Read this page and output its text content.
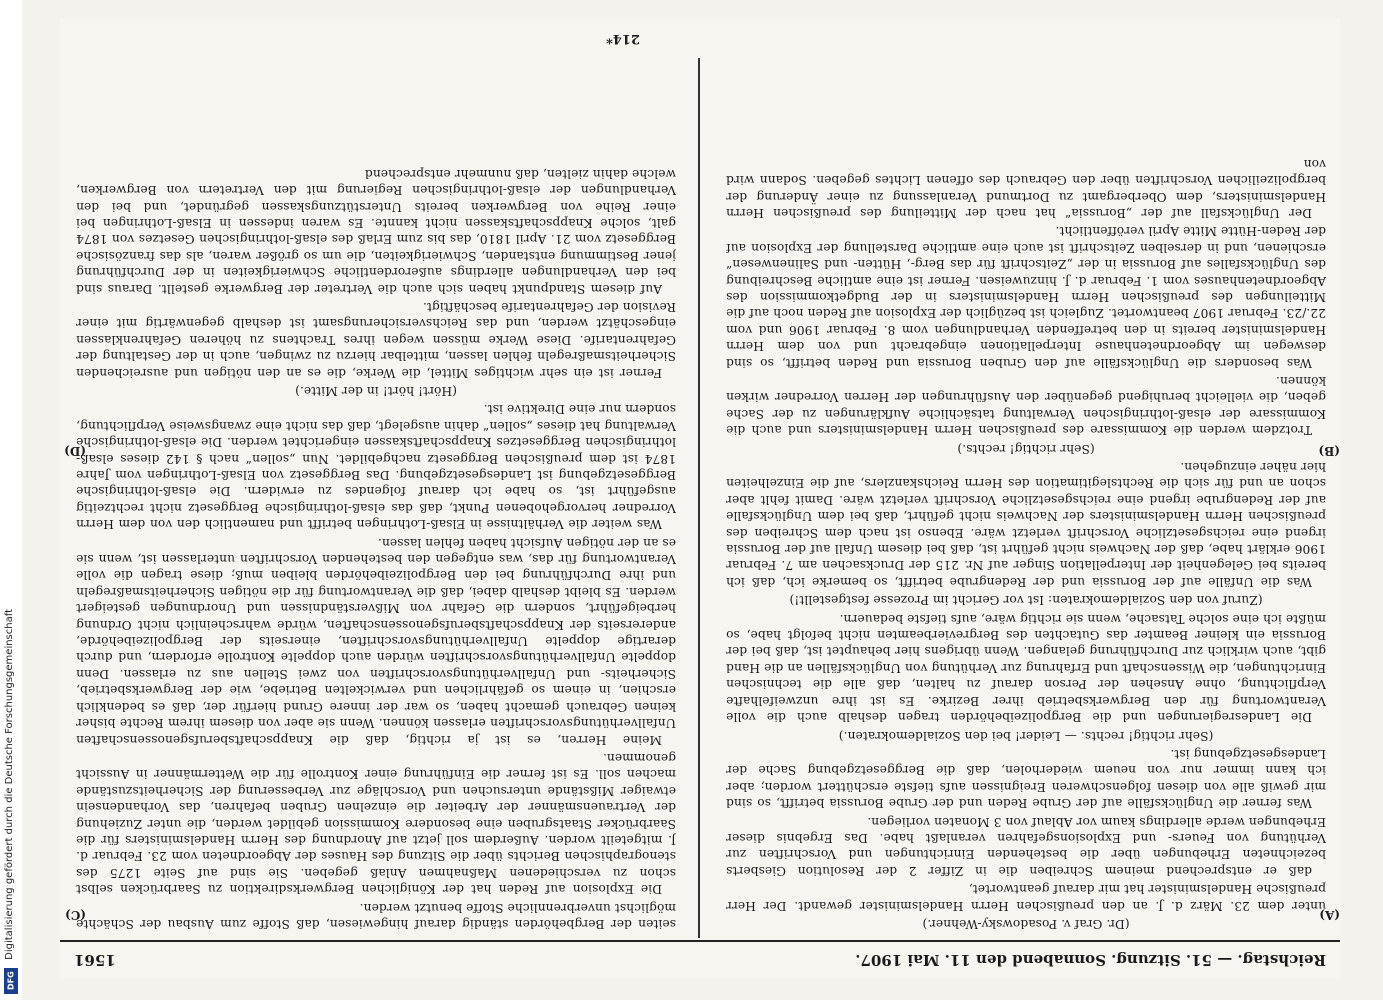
Digitalisierung gefördert durch die Deutsche Forschungsgemeinschaft
DFG
Reichstag. — 51. Sitzung. Sonnabend den 11. Mai 1907.
1561
(A)
(B)
(C)
(D)

(Dr. Graf v. Posadowsky-Wehner.)

unter dem 23. März d. J. an den preußischen Herrn Handelsminister gewandt. Der Herr preußische Handelsminister hat mir darauf geantwortet,

daß er entsprechend meinem Schreiben die in Ziffer 2 der Resolution Giesberts bezeichneten Erhebungen über die bestehenden Einrichtungen und Vorschriften zur Verhütung von Feuers- und Explosionsgefahren veranlaßt habe. Das Ergebnis dieser Erhebungen werde allerdings kaum vor Ablauf von 3 Monaten vorliegen.

Was ferner die Unglücksfälle auf der Grube Reden und der Grube Borussia betrifft, so sind mir gewiß alle von diesen folgenschweren Ereignissen aufs tiefste erschüttert worden; aber ich kann immer nur von neuem wiederholen, daß die Berggesetzgebung Sache der Landesgesetzgebung ist.

(Sehr richtig! rechts. — Leider! bei den Sozialdemokraten.)

Die Landesregierungen und die Bergpolizeibehörden tragen deshalb auch die volle Verantwortung für den Bergwerksbetrieb ihrer Bezirke. Es ist ihre unzweifelhafte Verpflichtung, ohne Ansehen der Person darauf zu halten, daß alle die technischen Einrichtungen, die Wissenschaft und Erfahrung zur Verhütung von Unglücksfällen an die Hand gibt, auch wirklich zur Durchführung gelangen. Wenn übrigens hier behauptet ist, daß bei der Borussia ein kleiner Beamter das Gutachten des Bergrevierbeamten nicht befolgt habe, so müßte ich eine solche Tatsache, wenn sie richtig wäre, aufs tiefste bedauern.

(Zuruf von den Sozialdemokraten: Ist vor Gericht im Prozesse festgestellt!)

Was die Unfälle auf der Borussia und der Redengrube betrifft, so bemerke ich, daß ich bereits bei Gelegenheit der Interpellation Singer auf Nr. 215 der Drucksachen am 7. Februar 1906 erklärt habe, daß der Nachweis nicht geführt ist, daß bei diesem Unfall auf der Borussia irgend eine reichsgesetzliche Vorschrift verletzt wäre. Ebenso ist nach dem Schreiben des preußischen Herrn Handelsministers der Nachweis nicht geführt, daß bei dem Unglücksfalle auf der Redengrube irgend eine reichsgesetzliche Vorschrift verletzt wäre. Damit fehlt aber schon an und für sich die Rechtslegitimation des Herrn Reichskanzlers, auf die Einzelheiten hier näher einzugehen.

(Sehr richtig! rechts.)

Trotzdem werden die Kommissare des preußischen Herrn Handelsministers und auch die Kommissare der elsaß-lothringischen Verwaltung tatsächliche Aufklärungen zu der Sache geben, die vielleicht beruhigend gegenüber den Ausführungen der Herren Vorredner wirken können.

Was besonders die Unglücksfälle auf den Gruben Borussia und Reden betrifft, so sind deswegen im Abgeordnetenhause Interpellationen eingebracht und von dem Herrn Handelsminister bereits in den betreffenden Verhandlungen vom 8. Februar 1906 und vom 22./23. Februar 1907 beantwortet. Zugleich ist bezüglich der Explosion auf Reden noch auf die Mitteilungen des preußischen Herrn Handelsministers in der Budgetkommission des Abgeordnetenhauses vom 1. Februar d. J. hinzuweisen. Ferner ist eine amtliche Beschreibung des Unglücksfalles auf Borussia in der „Zeitschrift für das Berg-, Hütten- und Salinenwesen“ erschienen, und in derselben Zeitschrift ist auch eine amtliche Darstellung der Explosion auf der Reden-Hütte Mitte April veröffentlicht.

Der Unglücksfall auf der „Borussia“ hat nach der Mitteilung des preußischen Herrn Handelsministers, dem Oberbergamt zu Dortmund Veranlassung zu einer Änderung der bergpolizeilichen Vorschriften über den Gebrauch des offenen Lichtes gegeben. Sodann wird von

seiten der Bergbehörden ständig darauf hingewiesen, daß Stoffe zum Ausbau der Schächte möglichst unverbrennliche Stoffe benutzt werden.

Die Explosion auf Reden hat der Königlichen Bergwerksdirektion zu Saarbrücken selbst schon zu verschiedenen Maßnahmen Anlaß gegeben. Sie sind auf Seite 1275 des stenographischen Berichts über die Sitzung des Hauses der Abgeordneten vom 23. Februar d. J. mitgeteilt worden. Außerdem soll jetzt auf Anordnung des Herrn Handelsministers für die Saarbrücker Staatsgruben eine besondere Kommission gebildet werden, die unter Zuziehung der Vertrauensmänner der Arbeiter die einzelnen Gruben befahren, das Vorhandensein etwaiger Mißstände untersuchen und Vorschläge zur Verbesserung der Sicherheitszustände machen soll. Es ist ferner die Einführung einer Kontrolle für die Wettermänner in Aussicht genommen.

Meine Herren, es ist ja richtig, daß die Knappschaftsberufsgenossenschaften Unfallverhütungsvorschriften erlassen können. Wenn sie aber von diesem ihrem Rechte bisher keinen Gebrauch gemacht haben, so war der innere Grund hierfür der, daß es bedenklich erschien, in einem so gefährlichen und verwickelten Betriebe, wie der Bergwerksbetrieb, Sicherheits- und Unfallverhütungsvorschriften von zwei Stellen aus zu erlassen. Denn doppelte Unfallverhütungsvorschriften würden auch doppelte Kontrolle erfordern, und durch derartige doppelte Unfallverhütungsvorschriften, einerseits der Bergpolizeibehörde, andererseits der Knappschaftsberufsgenossenschaften, würde wahrscheinlich nicht Ordnung herbeigeführt, sondern die Gefahr von Mißverständnissen und Unordnungen gesteigert werden. Es bleibt deshalb dabei, daß die Verantwortung für die nötigen Sicherheitsmaßregeln und ihre Durchführung bei den Bergpolizeibehörden bleiben muß; diese tragen die volle Verantwortung für das, was entgegen den bestehenden Vorschriften unterlassen ist, wenn sie es an der nötigen Aufsicht haben fehlen lassen.

Was weiter die Verhältnisse in Elsaß-Lothringen betrifft und namentlich den von dem Herrn Vorredner hervorgehobenen Punkt, daß das elsaß-lothringische Berggesetz nicht rechtzeitig ausgeführt ist, so habe ich darauf folgendes zu erwidern. Die elsaß-lothringische Berggesetzgebung ist Landesgesetzgebung. Das Berggesetz von Elsaß-Lothringen vom Jahre 1874 ist dem preußischen Berggesetz nachgebildet. Nun „sollen“ nach § 142 dieses elsaß-lothringischen Berggesetzes Knappschaftskassen eingerichtet werden. Die elsaß-lothringische Verwaltung hat dieses „sollen“ dahin ausgelegt, daß das nicht eine zwangsweise Verpflichtung, sondern nur eine Direktive ist.

(Hört! hört! in der Mitte.)

Ferner ist ein sehr wichtiges Mittel, die Werke, die es an den nötigen und ausreichenden Sicherheitsmaßregeln fehlen lassen, mittelbar hierzu zu zwingen, auch in der Gestaltung der Gefahrentarife. Diese Werke müssen wegen ihres Trachtens zu höheren Gefahrenklassen eingeschätzt werden, und das Reichsversicherungsamt ist deshalb gegenwärtig mit einer Revision der Gefahrentarife beschäftigt.

Auf diesem Standpunkt haben sich auch die Vertreter der Bergwerke gestellt. Daraus sind bei den Verhandlungen allerdings außerordentliche Schwierigkeiten in der Durchführung jener Bestimmung entstanden, Schwierigkeiten, die um so größer waren, als das französische Berggesetz vom 21. April 1810, das bis zum Erlaß des elsaß-lothringischen Gesetzes von 1874 galt, solche Knappschaftskassen nicht kannte. Es waren indessen in Elsaß-Lothringen bei einer Reihe von Bergwerken bereits Unterstützungskassen gegründet, und bei den Verhandlungen der elsaß-lothringischen Regierung mit den Vertretern von Bergwerken, welche dahin zielten, daß nunmehr entsprechend

214*
